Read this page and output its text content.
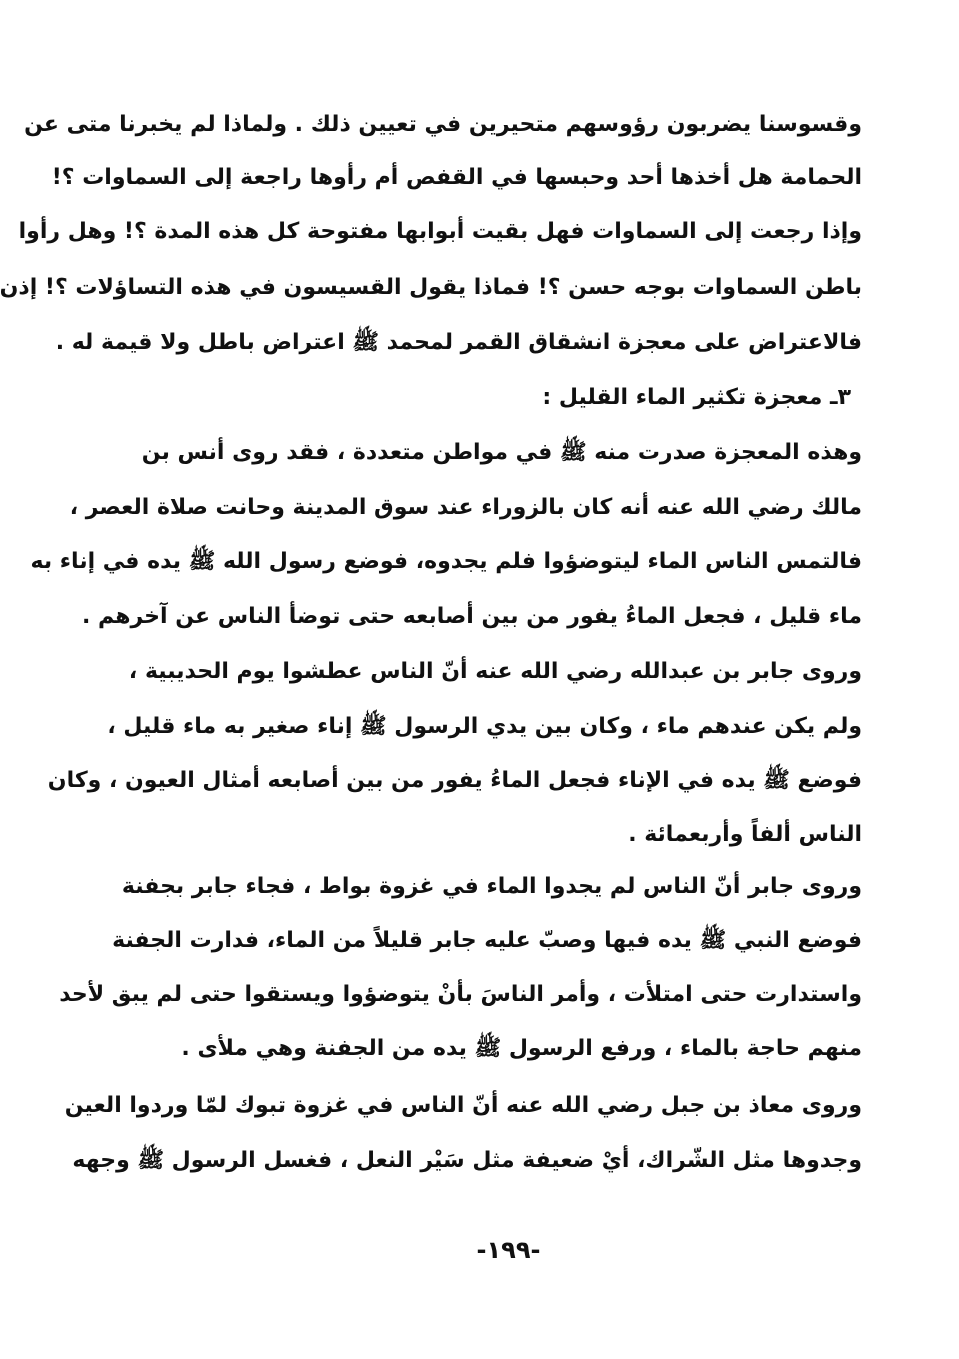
وقسوسنا يضربون رؤوسهم متحيرين في تعيين ذلك . ولماذا لم يخبرنا متى عن
الحمامة هل أخذها أحد وحبسها في القفص أم رأوها راجعة إلى السماوات ؟!
وإذا رجعت إلى السماوات فهل بقيت أبوابها مفتوحة كل هذه المدة ؟! وهل رأوا
باطن السماوات بوجه حسن ؟! فماذا يقول القسيسون في هذه التساؤلات ؟! إذن
فالاعتراض على معجزة انشقاق القمر لمحمد ﷺ اعتراض باطل ولا قيمة له .
٣ـ معجزة تكثير الماء القليل :
وهذه المعجزة صدرت منه ﷺ في مواطن متعددة ، فقد روى أنس بن
مالك رضي الله عنه أنه كان بالزوراء عند سوق المدينة وحانت صلاة العصر ،
فالتمس الناس الماء ليتوضؤوا فلم يجدوه، فوضع رسول الله ﷺ يده في إناء به
ماء قليل ، فجعل الماءُ يفور من بين أصابعه حتى توضأ الناس عن آخرهم .
وروى جابر بن عبدالله رضي الله عنه أنّ الناس عطشوا يوم الحديبية ،
ولم يكن عندهم ماء ، وكان بين يدي الرسول ﷺ إناء صغير به ماء قليل ،
فوضع ﷺ يده في الإناء فجعل الماءُ يفور من بين أصابعه أمثال العيون ، وكان
الناس ألفاً وأربعمائة .
وروى جابر أنّ الناس لم يجدوا الماء في غزوة بواط ، فجاء جابر بجفنة
فوضع النبي ﷺ يده فيها وصبّ عليه جابر قليلاً من الماء، فدارت الجفنة
واستدارت حتى امتلأت ، وأمر الناسَ بأنْ يتوضؤوا ويستقوا حتى لم يبق لأحد
منهم حاجة بالماء ، ورفع الرسول ﷺ يده من الجفنة وهي ملأى .
وروى معاذ بن جبل رضي الله عنه أنّ الناس في غزوة تبوك لمّا وردوا العين
وجدوها مثل الشّراك، أيْ ضعيفة مثل سَيْر النعل ، فغسل الرسول ﷺ وجهه
-١٩٩-
